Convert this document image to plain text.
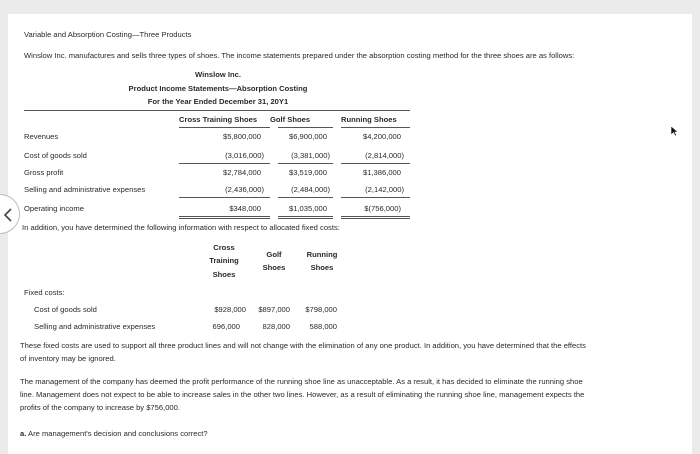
Variable and Absorption Costing—Three Products
Winslow Inc. manufactures and sells three types of shoes. The income statements prepared under the absorption costing method for the three shoes are as follows:
Winslow Inc.
Product Income Statements—Absorption Costing
For the Year Ended December 31, 20Y1
Cross Training Shoes Golf Shoes	Running Shoes
Revenues	$5,800,000	$6,900,000	$4,200,000
Cost of goods sold	(3,016,000)	(3,381,000)	(2,814,000)
Gross profit	$2,784,000	$3,519,000	$1,386,000
Selling and administrative expenses	(2,436,000)	(2,484,000)	(2,142,000)
Operating income	$348,000	$1,035,000	$(756,000)
In addition, you have determined the following information with respect to allocated fixed costs:
Cross
Training
Shoes
Golf
Shoes
Running
Shoes
Fixed costs:
Cost of goods sold	$928,000	$897,000	$798,000
Selling and administrative expenses	696,000	828,000	588,000
These fixed costs are used to support all three product lines and will not change with the elimination of any one product. In addition, you have determined that the effects
of inventory may be ignored.
The management of the company has deemed the profit performance of the running shoe line as unacceptable. As a result, it has decided to eliminate the running shoe
line. Management does not expect to be able to increase sales in the other two lines. However, as a result of eliminating the running shoe line, management expects the
profits of the company to increase by $756,000.
a. Are management's decision and conclusions correct?
